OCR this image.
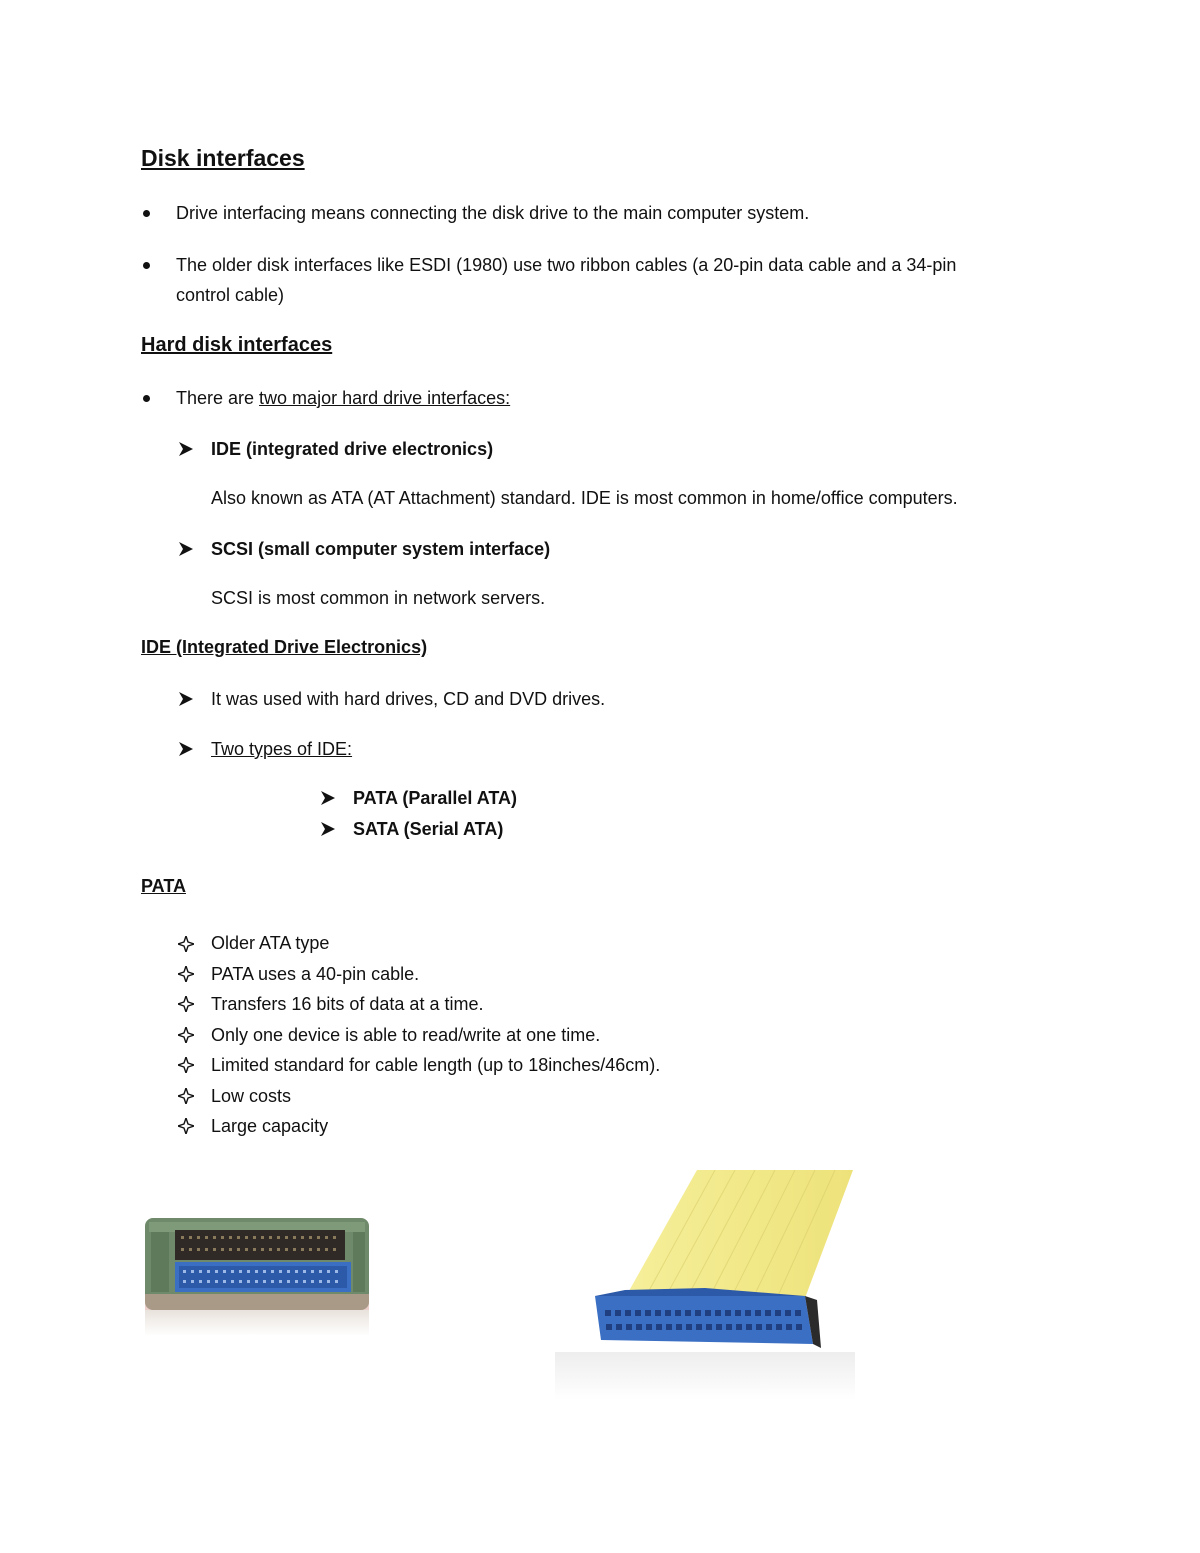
Disk interfaces
Drive interfacing means connecting the disk drive to the main computer system.
The older disk interfaces like ESDI (1980) use two ribbon cables (a 20-pin data cable and a 34-pin
control cable)
Hard disk interfaces
There are two major hard drive interfaces:
IDE (integrated drive electronics)
Also known as ATA (AT Attachment) standard. IDE is most common in home/office computers.
SCSI (small computer system interface)
SCSI is most common in network servers.
IDE (Integrated Drive Electronics)
It was used with hard drives, CD and DVD drives.
Two types of IDE:
PATA (Parallel ATA)
SATA (Serial ATA)
PATA
Older ATA type
PATA uses a 40-pin cable.
Transfers 16 bits of data at a time.
Only one device is able to read/write at one time.
Limited standard for cable length (up to 18inches/46cm).
Low costs
Large capacity
